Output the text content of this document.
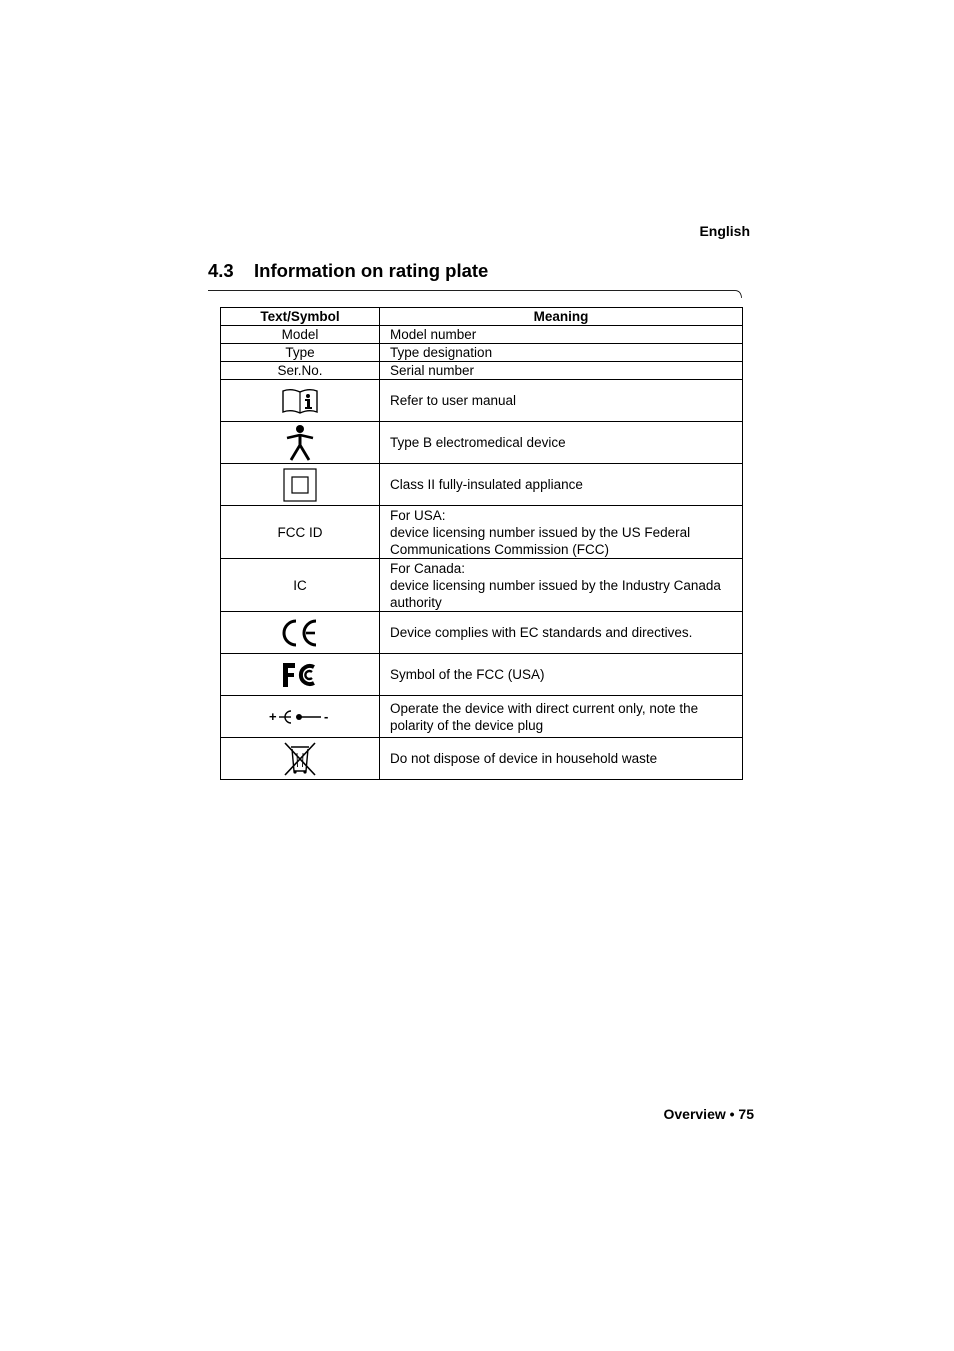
English
4.3 Information on rating plate
Text/Symbol	Meaning
Model	Model number
Type	Type designation
Ser.No.	Serial number

	Refer to user manual

	Type B electromedical device

	Class II fully-insulated appliance
FCC ID	For USA:
device licensing number issued by the US Federal Communications Commission (FCC)

IC	For Canada:
device licensing number issued by the Industry Canada authority

	Device complies with EC standards and directives.

	Symbol of the FCC (USA)

+ -	Operate the device with direct current only, note the polarity of the device plug

	Do not dispose of device in household waste
Overview • 75
